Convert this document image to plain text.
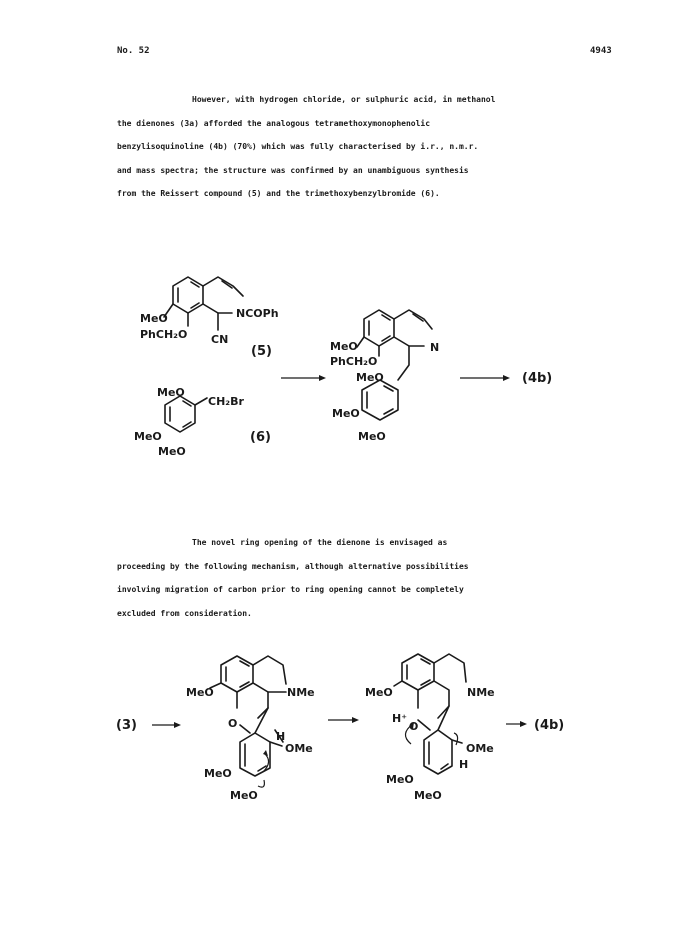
No. 52	4943
However, with hydrogen chloride, or sulphuric acid, in methanol
the dienones (3a) afforded the analogous tetramethoxymonophenolic
benzylisoquinoline (4b) (70%) which was fully characterised by i.r., n.m.r.
and mass spectra; the structure was confirmed by an unambiguous synthesis
from the Reissert compound (5) and the trimethoxybenzylbromide (6).
The novel ring opening of the dienone is envisaged as
proceeding by the following mechanism, although alternative possibilities
involving migration of carbon prior to ring opening cannot be completely
excluded from consideration.
MeO
PhCH₂O
NCOPh
CN
(5)
MeO
CH₂Br
MeO
MeO
(6)
MeO
PhCH₂O
N
MeO
MeO
MeO
(4b)
(3)
MeO	NMe
O
H
OMe
MeO
MeO
MeO	NMe
H⁺
O
OMe
H
MeO
MeO
(4b)
